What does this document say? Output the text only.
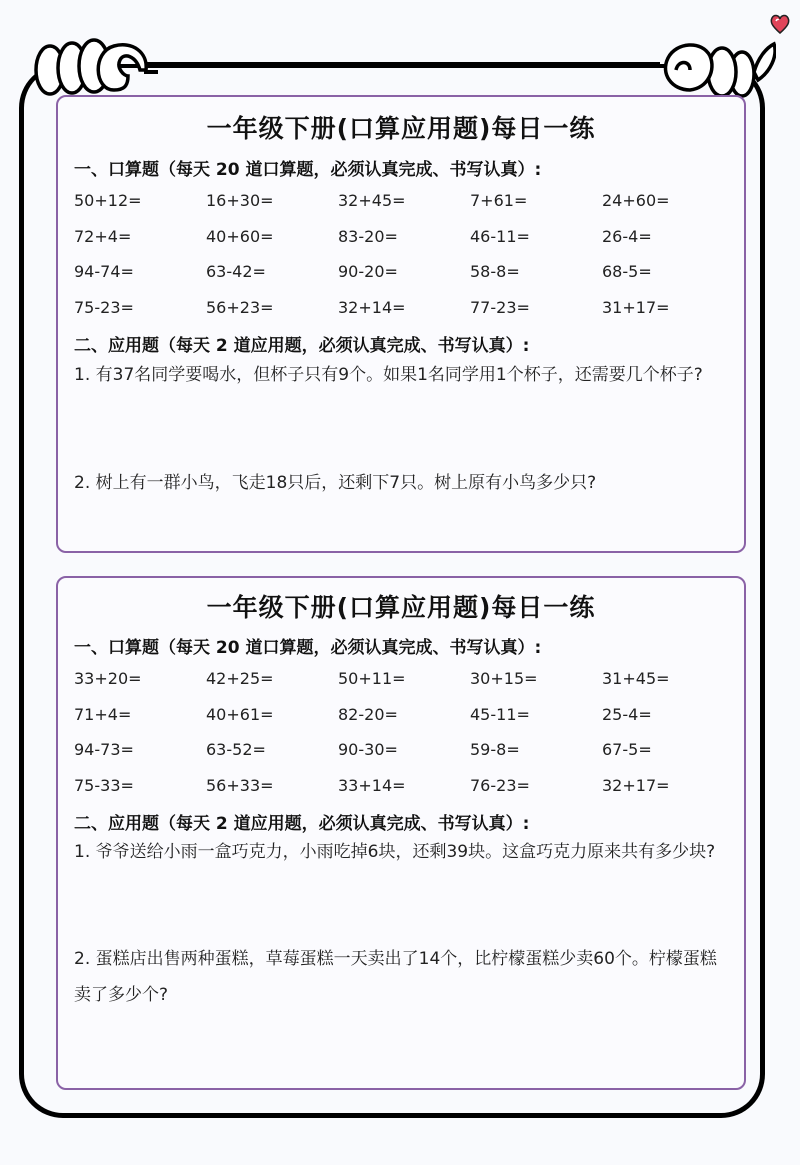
一年级下册(口算应用题)每日一练
一、口算题（每天 20 道口算题，必须认真完成、书写认真）:
50+12=	16+30=	32+45=	7+61=	24+60=
72+4=	40+60=	83-20=	46-11=	26-4=
94-74=	63-42=	90-20=	58-8=	68-5=
75-23=	56+23=	32+14=	77-23=	31+17=
二、应用题（每天 2 道应用题，必须认真完成、书写认真）:
1. 有37名同学要喝水，但杯子只有9个。如果1名同学用1个杯子，还需要几个杯子?
2. 树上有一群小鸟，飞走18只后，还剩下7只。树上原有小鸟多少只?
一年级下册(口算应用题)每日一练
一、口算题（每天 20 道口算题，必须认真完成、书写认真）:
33+20=	42+25=	50+11=	30+15=	31+45=
71+4=	40+61=	82-20=	45-11=	25-4=
94-73=	63-52=	90-30=	59-8=	67-5=
75-33=	56+33=	33+14=	76-23=	32+17=
二、应用题（每天 2 道应用题，必须认真完成、书写认真）:
1. 爷爷送给小雨一盒巧克力，小雨吃掉6块，还剩39块。这盒巧克力原来共有多少块?
2. 蛋糕店出售两种蛋糕，草莓蛋糕一天卖出了14个，比柠檬蛋糕少卖60个。柠檬蛋糕卖了多少个?
